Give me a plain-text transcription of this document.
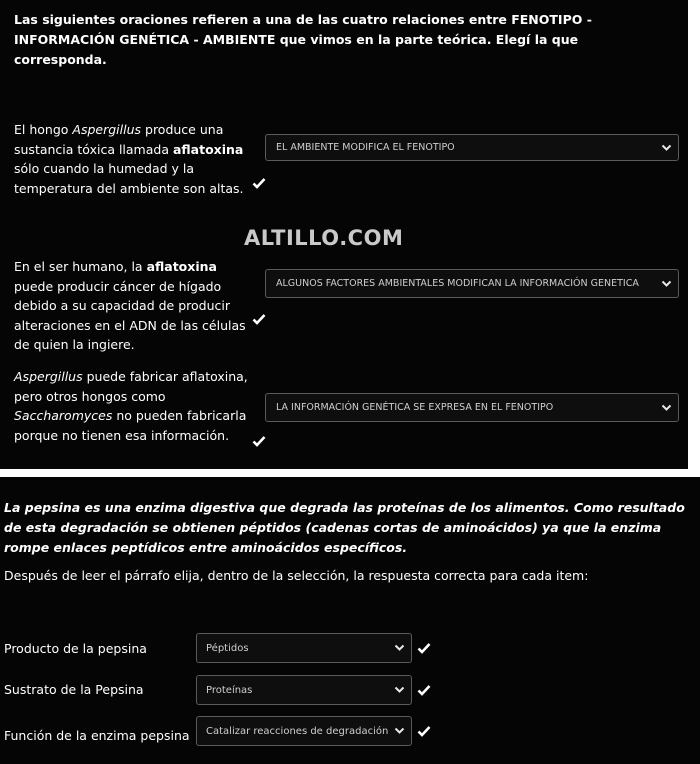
Las siguientes oraciones refieren a una de las cuatro relaciones entre FENOTIPO - INFORMACIÓN GENÉTICA - AMBIENTE que vimos en la parte teórica. Elegí la que corresponda.
El hongo Aspergillus produce una sustancia tóxica llamada aflatoxina sólo cuando la humedad y la temperatura del ambiente son altas.
EL AMBIENTE MODIFICA EL FENOTIPO
ALTILLO.COM
En el ser humano, la aflatoxina puede producir cáncer de hígado debido a su capacidad de producir alteraciones en el ADN de las células de quien la ingiere.
ALGUNOS FACTORES AMBIENTALES MODIFICAN LA INFORMACIÓN GENETICA
Aspergillus puede fabricar aflatoxina, pero otros hongos como Saccharomyces no pueden fabricarla porque no tienen esa información.
LA INFORMACIÓN GENÉTICA SE EXPRESA EN EL FENOTIPO
La pepsina es una enzima digestiva que degrada las proteínas de los alimentos. Como resultado de esta degradación se obtienen péptidos (cadenas cortas de aminoácidos) ya que la enzima rompe enlaces peptídicos entre aminoácidos específicos.
Después de leer el párrafo elija, dentro de la selección, la respuesta correcta para cada item:
Producto de la pepsina	Péptidos
Sustrato de la Pepsina	Proteínas
Función de la enzima pepsina Catalizar reacciones de degradación
